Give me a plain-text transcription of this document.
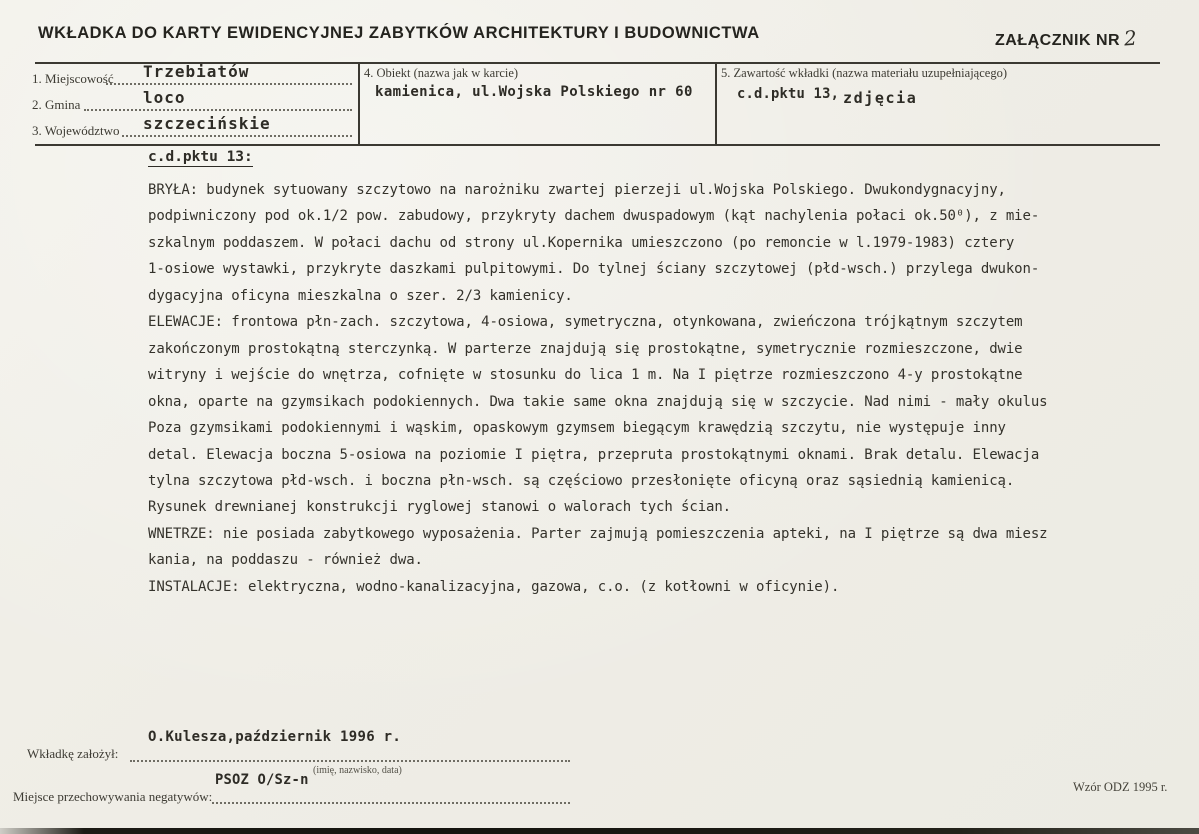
WKŁADKA DO KARTY EWIDENCYJNEJ ZABYTKÓW ARCHITEKTURY I BUDOWNICTWA	ZAŁĄCZNIK NR 2
1. Miejscowość Trzebiatów
2. Gmina	loco
3. Województwo szczecińskie
4. Obiekt (nazwa jak w karcie)
kamienica, ul.Wojska Polskiego nr 60
5. Zawartość wkładki (nazwa materiału uzupełniającego)
c.d.pktu 13, zdjęcia
c.d.pktu 13:
BRYŁA: budynek sytuowany szczytowo na narożniku zwartej pierzeji ul.Wojska Polskiego. Dwukondygnacyjny,
podpiwniczony pod ok.1/2 pow. zabudowy, przykryty dachem dwuspadowym (kąt nachylenia połaci ok.50⁰), z mie-
szkalnym poddaszem. W połaci dachu od strony ul.Kopernika umieszczono (po remoncie w l.1979-1983) cztery
1-osiowe wystawki, przykryte daszkami pulpitowymi. Do tylnej ściany szczytowej (płd-wsch.) przylega dwukon-
dygacyjna oficyna mieszkalna o szer. 2/3 kamienicy.
ELEWACJE: frontowa płn-zach. szczytowa, 4-osiowa, symetryczna, otynkowana, zwieńczona trójkątnym szczytem
zakończonym prostokątną sterczynką. W parterze znajdują się prostokątne, symetrycznie rozmieszczone, dwie
witryny i wejście do wnętrza, cofnięte w stosunku do lica 1 m. Na I piętrze rozmieszczono 4-y prostokątne
okna, oparte na gzymsikach podokiennych. Dwa takie same okna znajdują się w szczycie. Nad nimi - mały okulus
Poza gzymsikami podokiennymi i wąskim, opaskowym gzymsem biegącym krawędzią szczytu, nie występuje inny
detal. Elewacja boczna 5-osiowa na poziomie I piętra, przepruta prostokątnymi oknami. Brak detalu. Elewacja
tylna szczytowa płd-wsch. i boczna płn-wsch. są częściowo przesłonięte oficyną oraz sąsiednią kamienicą.
Rysunek drewnianej konstrukcji ryglowej stanowi o walorach tych ścian.
WNETRZE: nie posiada zabytkowego wyposażenia. Parter zajmują pomieszczenia apteki, na I piętrze są dwa miesz
kania, na poddaszu - również dwa.
INSTALACJE: elektryczna, wodno-kanalizacyjna, gazowa, c.o. (z kotłowni w oficynie).
O.Kulesza,październik 1996 r.
Wkładkę założył:
(imię, nazwisko, data)
PSOZ O/Sz-n
Miejsce przechowywania negatywów:
Wzór ODZ 1995 r.
